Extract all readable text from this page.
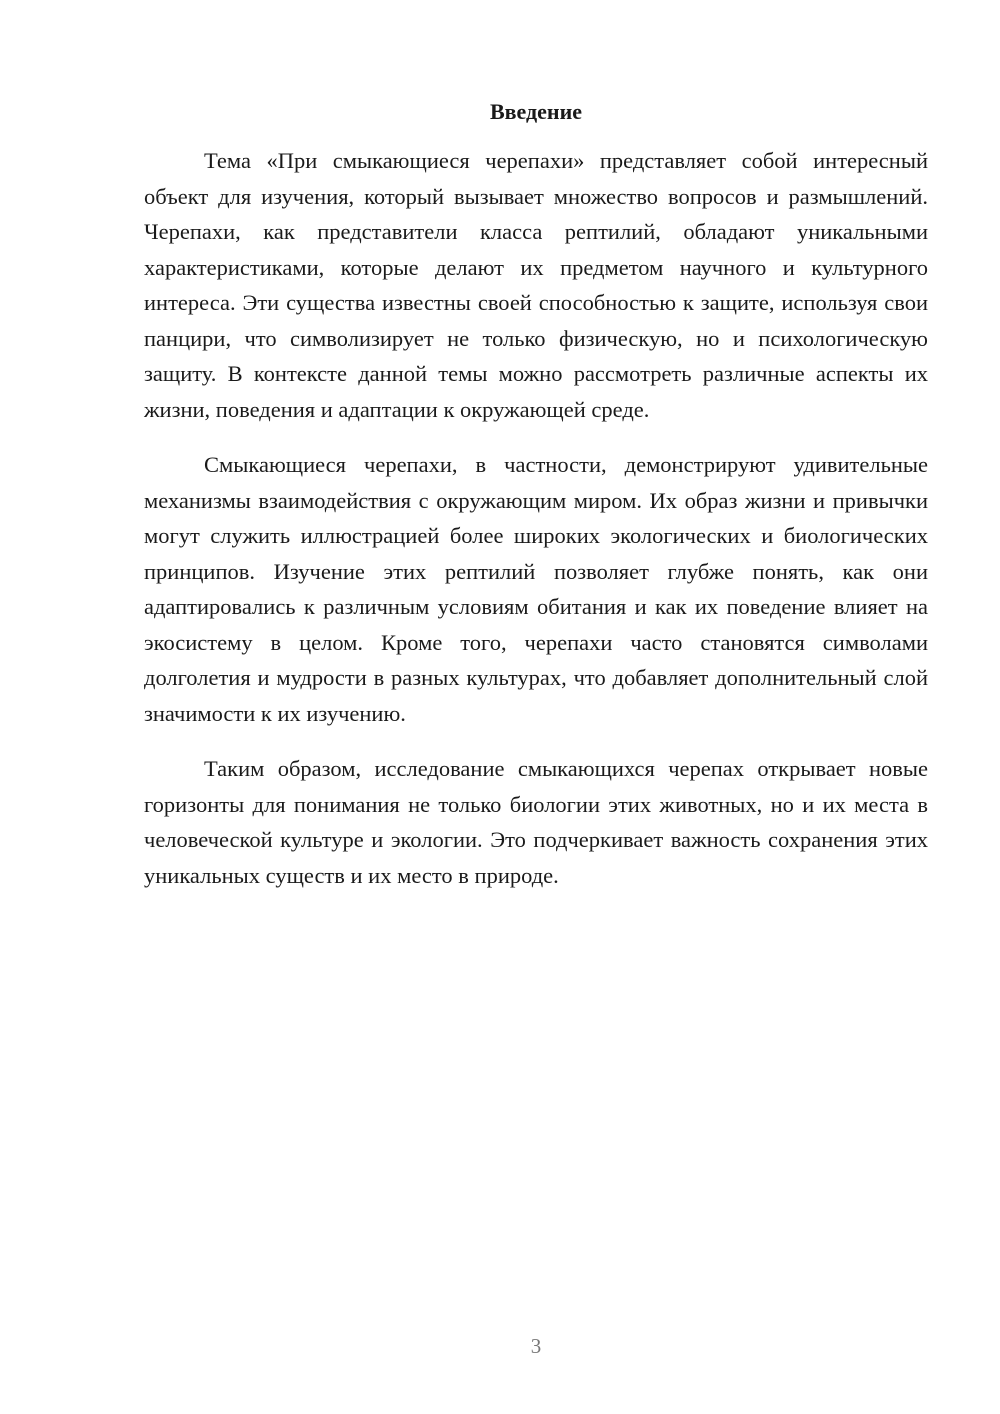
Введение

Тема «При смыкающиеся черепахи» представляет собой интересный объект для изучения, который вызывает множество вопросов и размышлений. Черепахи, как представители класса рептилий, обладают уникальными характеристиками, которые делают их предметом научного и культурного интереса. Эти существа известны своей способностью к защите, используя свои панцири, что символизирует не только физическую, но и психологическую защиту. В контексте данной темы можно рассмотреть различные аспекты их жизни, поведения и адаптации к окружающей среде.

Смыкающиеся черепахи, в частности, демонстрируют удивительные механизмы взаимодействия с окружающим миром. Их образ жизни и привычки могут служить иллюстрацией более широких экологических и биологических принципов. Изучение этих рептилий позволяет глубже понять, как они адаптировались к различным условиям обитания и как их поведение влияет на экосистему в целом. Кроме того, черепахи часто становятся символами долголетия и мудрости в разных культурах, что добавляет дополнительный слой значимости к их изучению.

Таким образом, исследование смыкающихся черепах открывает новые горизонты для понимания не только биологии этих животных, но и их места в человеческой культуре и экологии. Это подчеркивает важность сохранения этих уникальных существ и их место в природе.

3
